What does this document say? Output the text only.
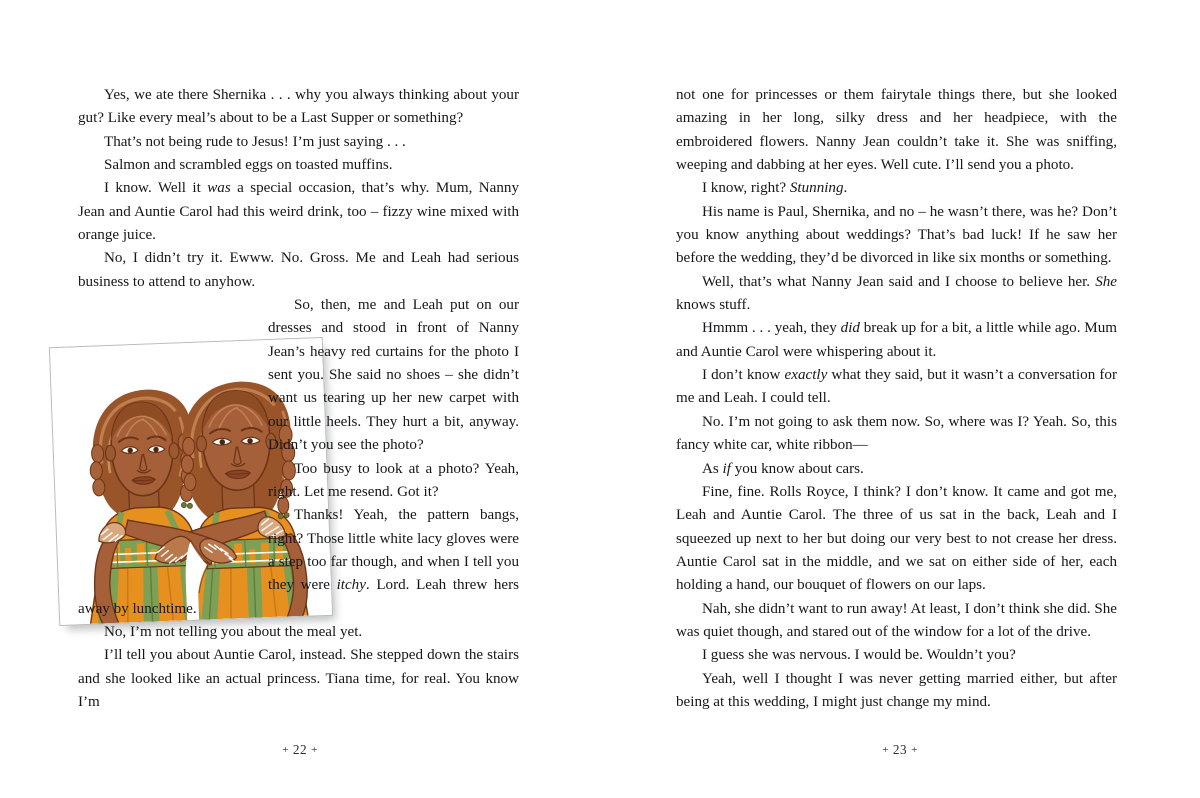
Yes, we ate there Shernika . . . why you always thinking about your gut? Like every meal’s about to be a Last Supper or something?

That’s not being rude to Jesus! I’m just saying . . .

Salmon and scrambled eggs on toasted muffins.

I know. Well it was a special occasion, that’s why. Mum, Nanny Jean and Auntie Carol had this weird drink, too – fizzy wine mixed with orange juice.

No, I didn’t try it. Ewww. No. Gross. Me and Leah had serious business to attend to anyhow.

So, then, me and Leah put on our dresses and stood in front of Nanny Jean’s heavy red curtains for the photo I sent you. She said no shoes – she didn’t want us tearing up her new carpet with our little heels. They hurt a bit, anyway. Didn’t you see the photo?

Too busy to look at a photo? Yeah, right. Let me resend. Got it?

Thanks! Yeah, the pattern bangs, right? Those little white lacy gloves were a step too far though, and when I tell you they were itchy. Lord. Leah threw hers away by lunchtime.

No, I’m not telling you about the meal yet.

I’ll tell you about Auntie Carol, instead. She stepped down the stairs and she looked like an actual princess. Tiana time, for real. You know I’m

+ 22 +

not one for princesses or them fairytale things there, but she looked amazing in her long, silky dress and her headpiece, with the embroidered flowers. Nanny Jean couldn’t take it. She was sniffing, weeping and dabbing at her eyes. Well cute. I’ll send you a photo.

I know, right? Stunning.

His name is Paul, Shernika, and no – he wasn’t there, was he? Don’t you know anything about weddings? That’s bad luck! If he saw her before the wedding, they’d be divorced in like six months or something.

Well, that’s what Nanny Jean said and I choose to believe her. She knows stuff.

Hmmm . . . yeah, they did break up for a bit, a little while ago. Mum and Auntie Carol were whispering about it.

I don’t know exactly what they said, but it wasn’t a conversation for me and Leah. I could tell.

No. I’m not going to ask them now. So, where was I? Yeah. So, this fancy white car, white ribbon—

As if you know about cars.

Fine, fine. Rolls Royce, I think? I don’t know. It came and got me, Leah and Auntie Carol. The three of us sat in the back, Leah and I squeezed up next to her but doing our very best to not crease her dress. Auntie Carol sat in the middle, and we sat on either side of her, each holding a hand, our bouquet of flowers on our laps.

Nah, she didn’t want to run away! At least, I don’t think she did. She was quiet though, and stared out of the window for a lot of the drive.

I guess she was nervous. I would be. Wouldn’t you?

Yeah, well I thought I was never getting married either, but after being at this wedding, I might just change my mind.

+ 23 +
